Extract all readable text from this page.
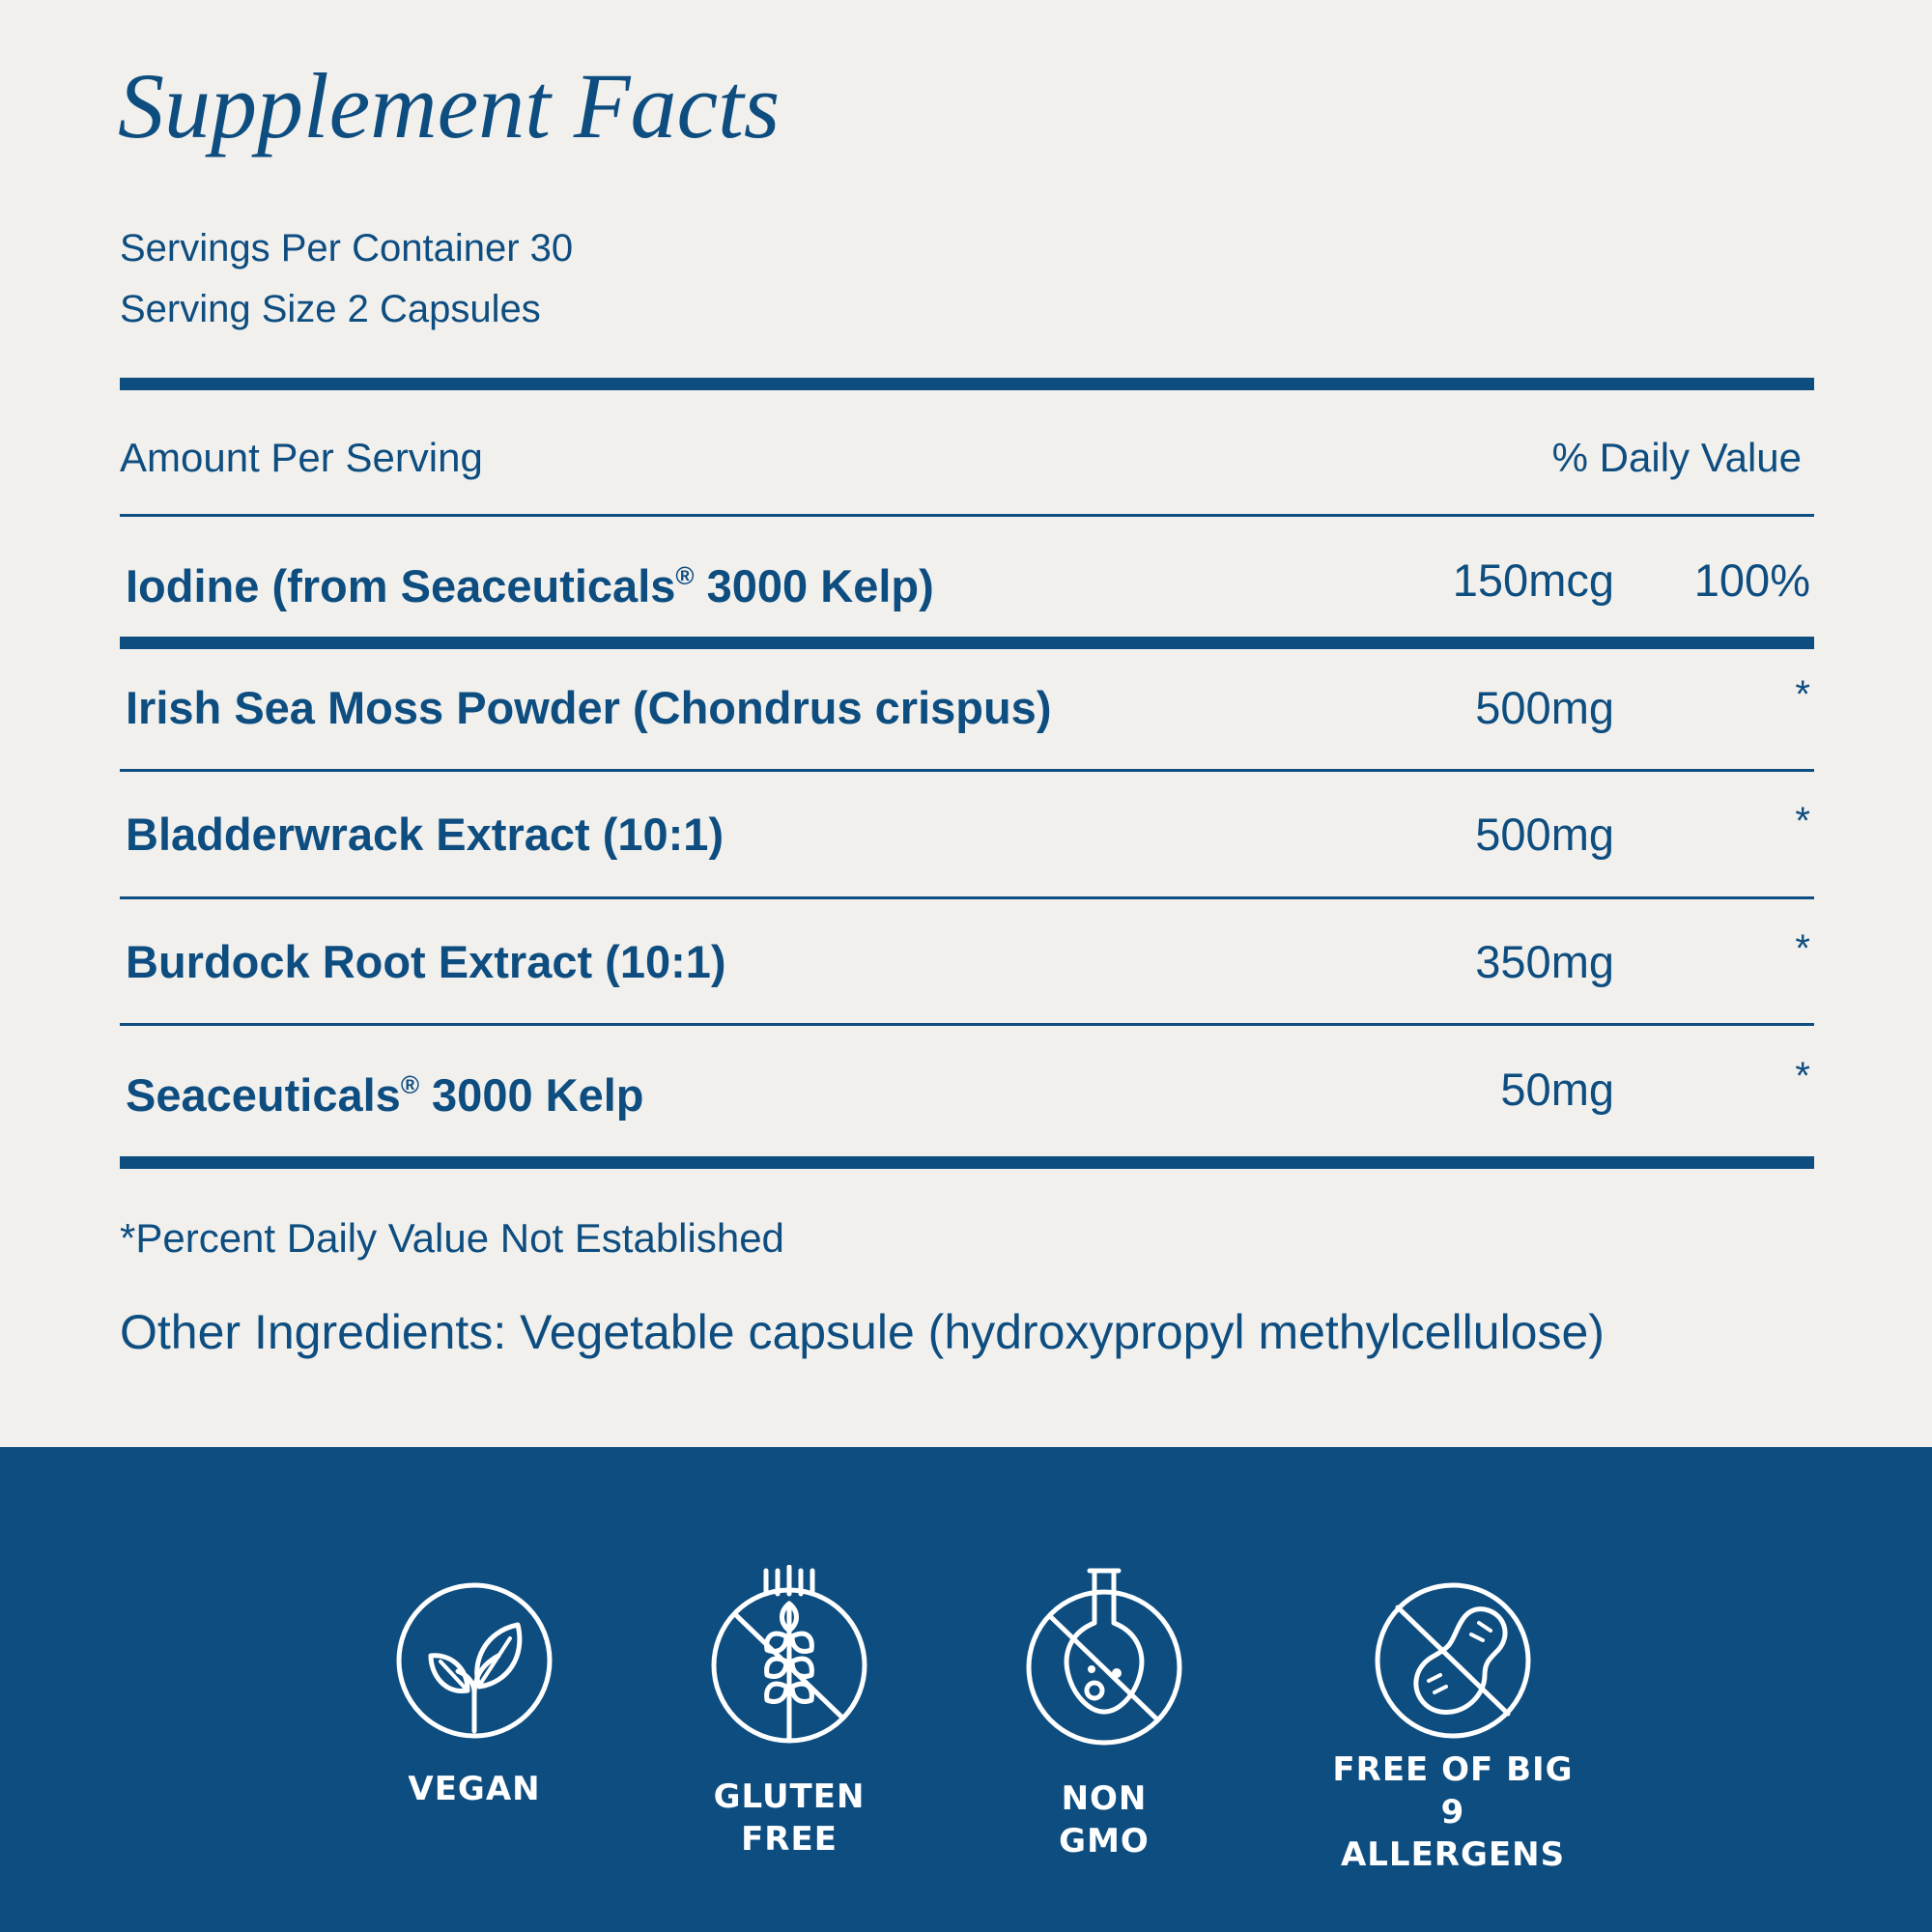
Supplement Facts
Servings Per Container 30
Serving Size 2 Capsules
Amount Per Serving	% Daily Value
Iodine (from Seaceuticals® 3000 Kelp)	150mcg 100%
Irish Sea Moss Powder (Chondrus crispus)	500mg	*
Bladderwrack Extract (10:1)	500mg	*
Burdock Root Extract (10:1)	350mg	*
Seaceuticals® 3000 Kelp	50mg	*
*Percent Daily Value Not Established
Other Ingredients: Vegetable capsule (hydroxypropyl methylcellulose)
VEGAN	GLUTEN
FREE
NON
GMO
FREE OF BIG
9 ALLERGENS
